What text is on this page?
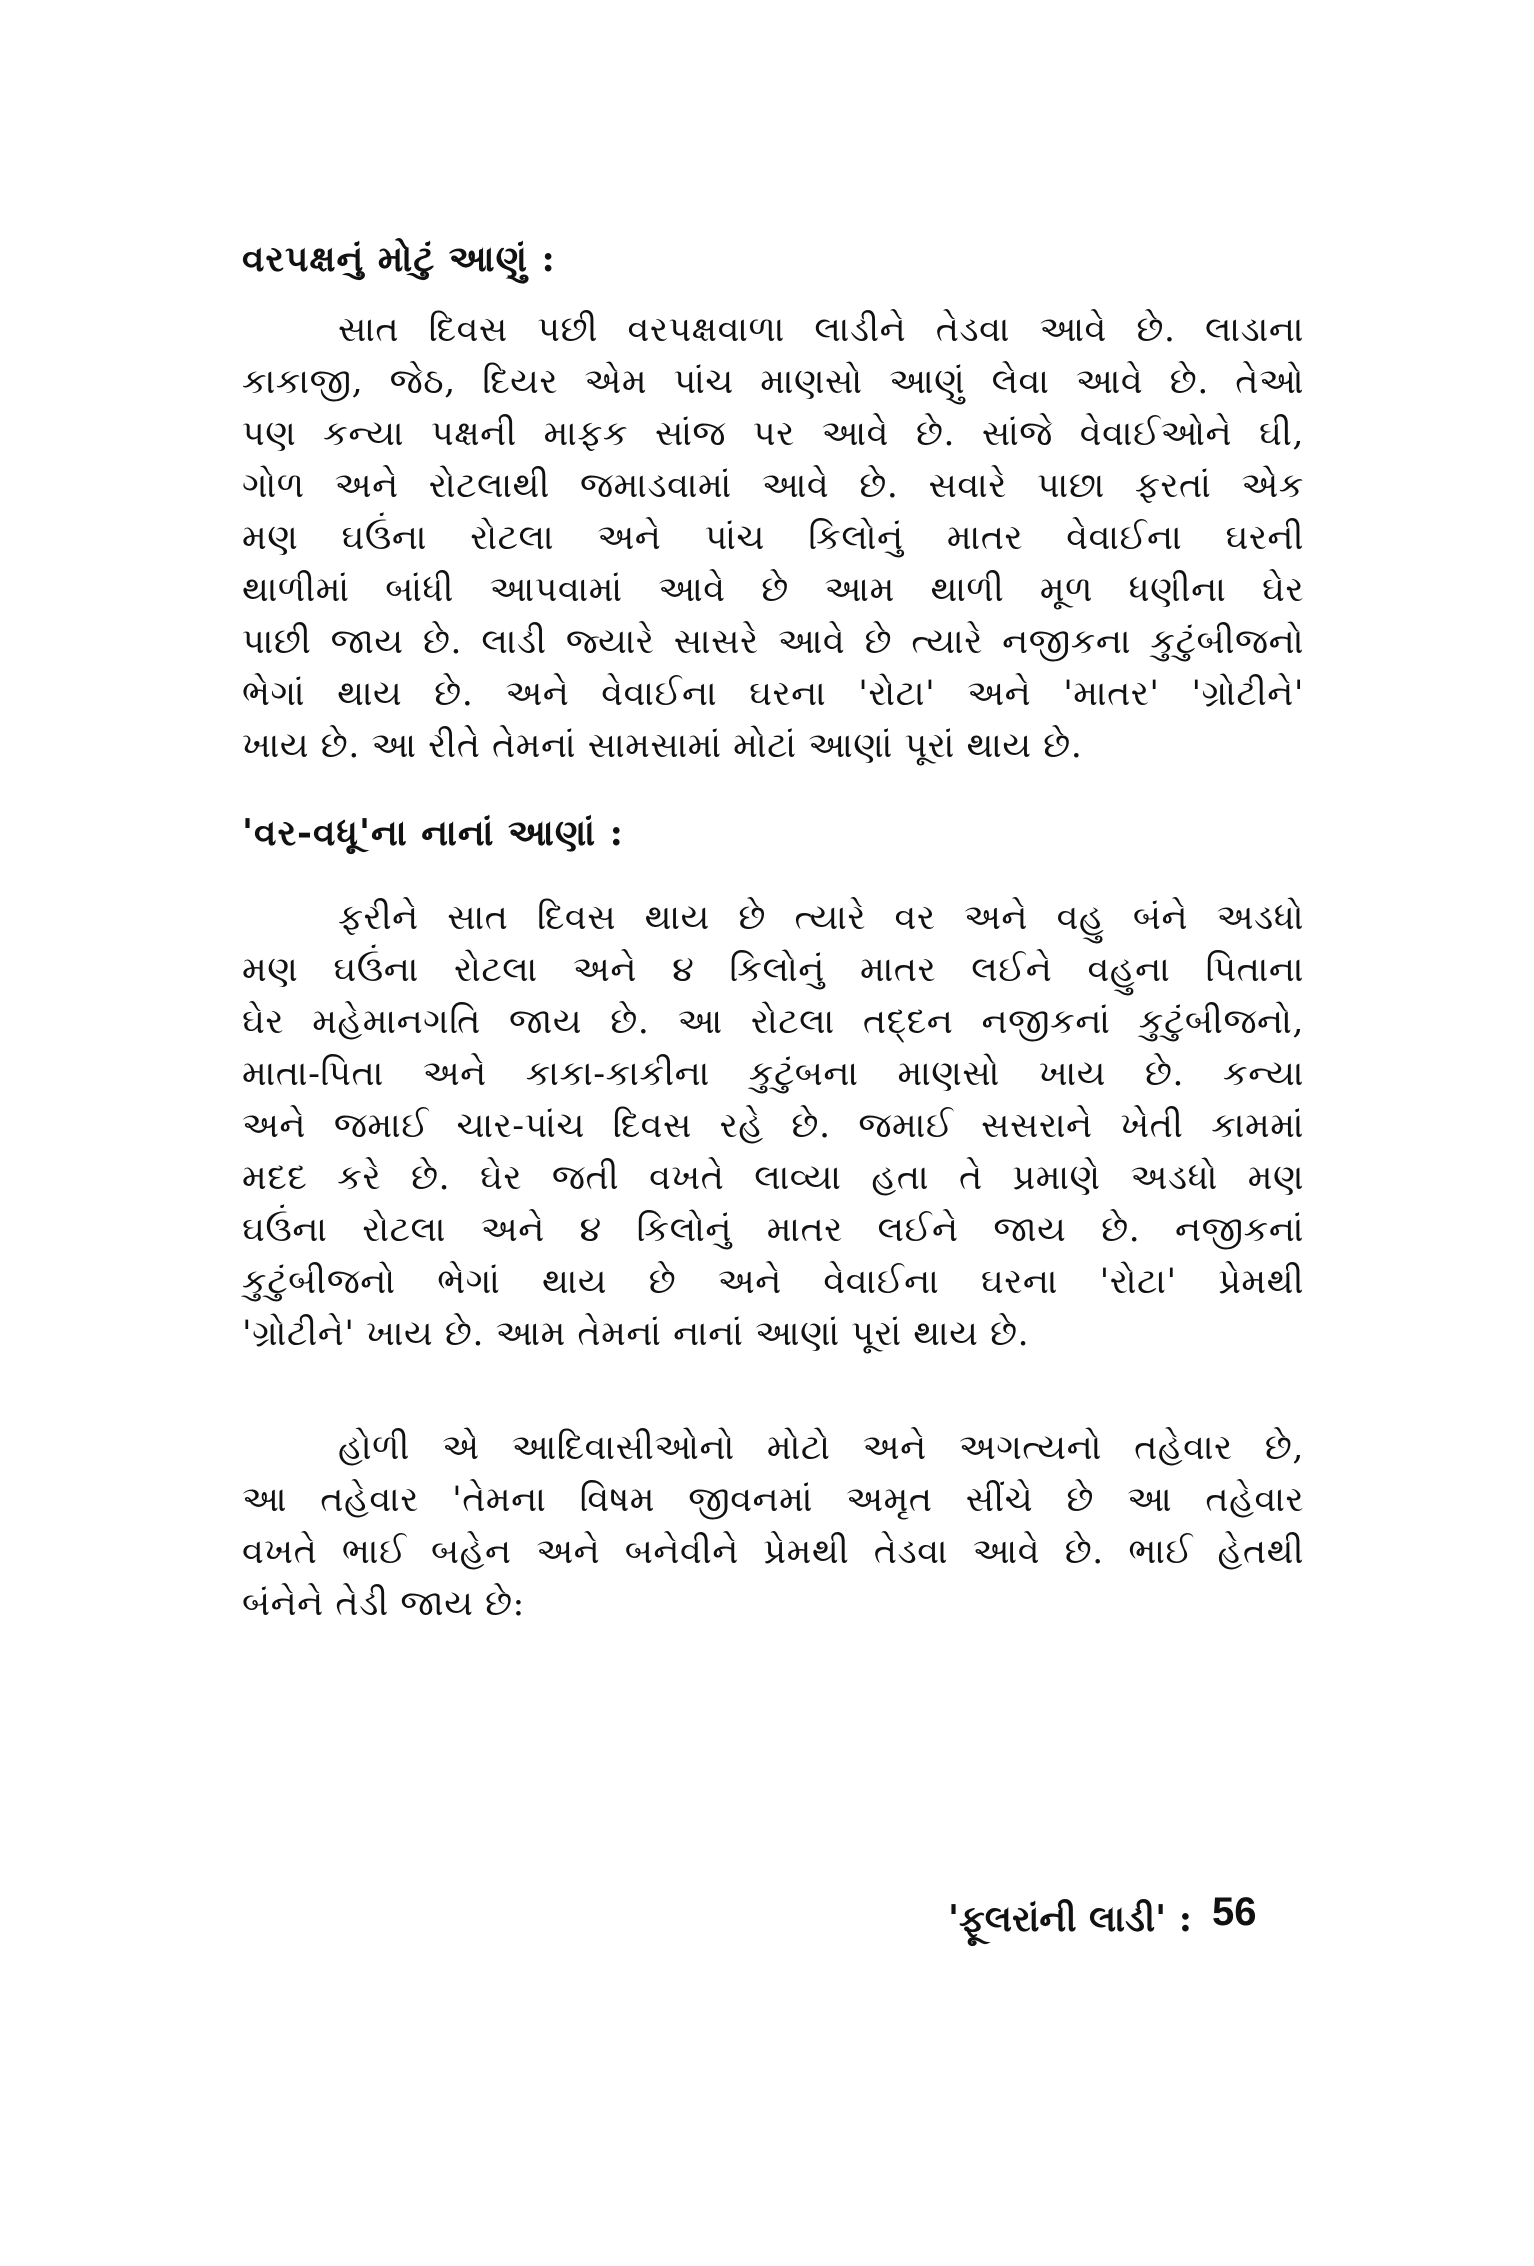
વરપક્ષનું મોટું આણું :
સાત દિવસ પછી વરપક્ષવાળા લાડીને તેડવા આવે છે. લાડાના
કાકાજી, જેઠ, દિયર એમ પાંચ માણસો આણું લેવા આવે છે. તેઓ
પણ કન્યા પક્ષની માફક સાંજ પર આવે છે. સાંજે વેવાઈઓને ઘી,
ગોળ અને રોટલાથી જમાડવામાં આવે છે. સવારે પાછા ફરતાં એક
મણ ઘઉંના રોટલા અને પાંચ કિલોનું માતર વેવાઈના ઘરની
થાળીમાં બાંધી આપવામાં આવે છે આમ થાળી મૂળ ધણીના ઘેર
પાછી જાય છે. લાડી જ્યારે સાસરે આવે છે ત્યારે નજીકના કુટુંબીજનો
ભેગાં થાય છે. અને વેવાઈના ઘરના 'રોટા' અને 'માતર' 'ગ્રોટીને'
ખાય છે. આ રીતે તેમનાં સામસામાં મોટાં આણાં પૂરાં થાય છે.
'વર-વધૂ'ના નાનાં આણાં :
ફરીને સાત દિવસ થાય છે ત્યારે વર અને વહુ બંને અડધો
મણ ઘઉંના રોટલા અને ૪ કિલોનું માતર લઈને વહુના પિતાના
ઘેર મહેમાનગતિ જાય છે. આ રોટલા તદ્દન નજીકનાં કુટુંબીજનો,
માતા-પિતા અને કાકા-કાકીના કુટુંબના માણસો ખાય છે. કન્યા
અને જમાઈ ચાર-પાંચ દિવસ રહે છે. જમાઈ સસરાને ખેતી કામમાં
મદદ કરે છે. ઘેર જતી વખતે લાવ્યા હતા તે પ્રમાણે અડધો મણ
ઘઉંના રોટલા અને ૪ કિલોનું માતર લઈને જાય છે. નજીકનાં
કુટુંબીજનો ભેગાં થાય છે અને વેવાઈના ઘરના 'રોટા' પ્રેમથી
'ગ્રોટીને' ખાય છે. આમ તેમનાં નાનાં આણાં પૂરાં થાય છે.
હોળી એ આદિવાસીઓનો મોટો અને અગત્યનો તહેવાર છે,
આ તહેવાર 'તેમના વિષમ જીવનમાં અમૃત સીંચે છે આ તહેવાર
વખતે ભાઈ બહેન અને બનેવીને પ્રેમથી તેડવા આવે છે. ભાઈ હેતથી
બંનેને તેડી જાય છે:
'ફૂલરાંની લાડી' : 56
